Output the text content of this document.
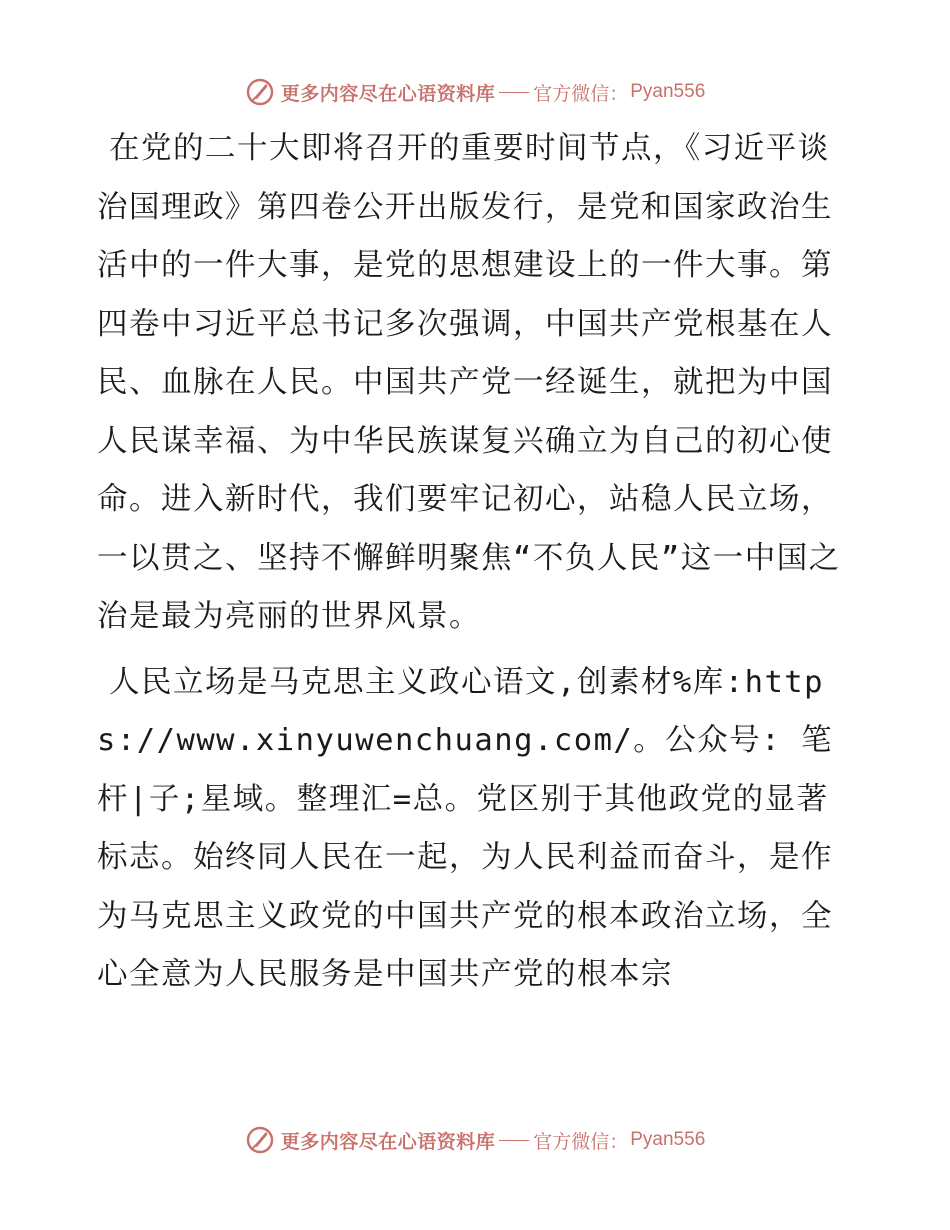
更多内容尽在心语资料库 官方微信： Pyan556

在党的二十大即将召开的重要时间节点，《习近平谈治国理政》第四卷公开出版发行，是党和国家政治生活中的一件大事，是党的思想建设上的一件大事。第四卷中习近平总书记多次强调，中国共产党根基在人民、血脉在人民。中国共产党一经诞生，就把为中国人民谋幸福、为中华民族谋复兴确立为自己的初心使命。进入新时代，我们要牢记初心，站稳人民立场，一以贯之、坚持不懈鲜明聚焦“不负人民”这一中国之治是最为亮丽的世界风景。

人民立场是马克思主义政心语文,创素材%库:https://www.xinyuwenchuang.com/。公众号: 笔杆|子;星域。整理汇=总。党区别于其他政党的显著标志。始终同人民在一起，为人民利益而奋斗，是作为马克思主义政党的中国共产党的根本政治立场，全心全意为人民服务是中国共产党的根本宗

更多内容尽在心语资料库 官方微信： Pyan556
